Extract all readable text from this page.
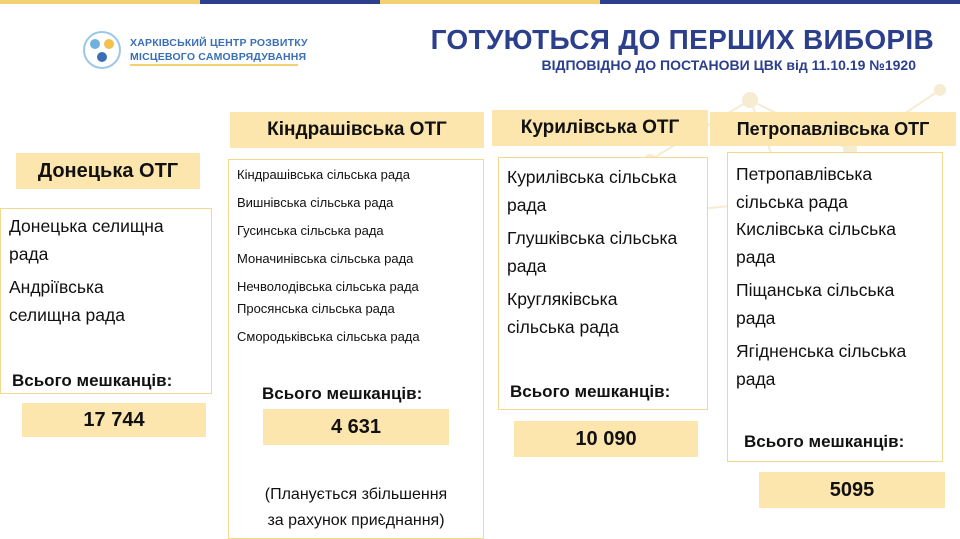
ХАРКІВСЬКИЙ ЦЕНТР РОЗВИТКУ
МІСЦЕВОГО САМОВРЯДУВАННЯ
ГОТУЮТЬСЯ ДО ПЕРШИХ ВИБОРІВ
ВІДПОВІДНО ДО ПОСТАНОВИ ЦВК від 11.10.19 №1920
Донецька ОТГ
Донецька селищна
рада
Андріївська
селищна рада
Всього мешканців:
17 744
Кіндрашівська ОТГ
Кіндрашівська сільська рада
Вишнівська сільська рада
Гусинська сільська рада
Моначинівська сільська рада
Нечволодівська сільська рада
Просянська сільська рада
Смородьківська сільська рада
Всього мешканців:
4 631
(Планується збільшення
за рахунок приєднання)
Курилівська ОТГ
Курилівська сільська
рада
Глушківська сільська
рада
Кругляківська
сільська рада
Всього мешканців:
10 090
Петропавлівська ОТГ
Петропавлівська
сільська рада
Кислівська сільська
рада
Піщанська сільська
рада
Ягідненська сільська
рада
Всього мешканців:
5095
